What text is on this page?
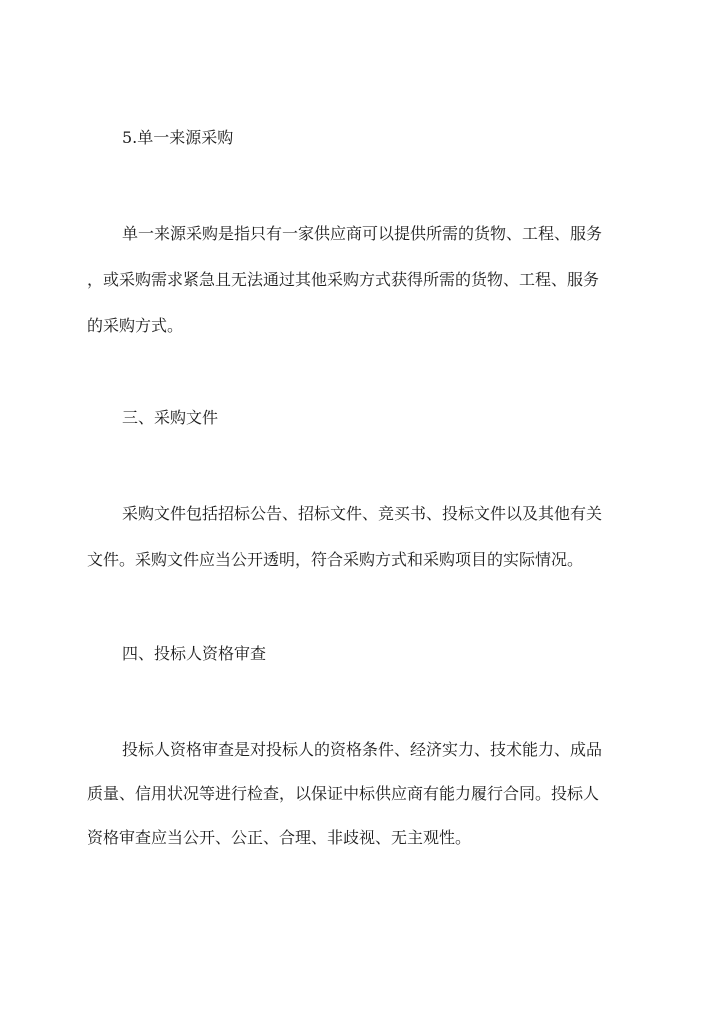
5.单一来源采购
单一来源采购是指只有一家供应商可以提供所需的货物、工程、服务
，或采购需求紧急且无法通过其他采购方式获得所需的货物、工程、服务
的采购方式。
三、采购文件
采购文件包括招标公告、招标文件、竞买书、投标文件以及其他有关
文件。采购文件应当公开透明，符合采购方式和采购项目的实际情况。
四、投标人资格审查
投标人资格审查是对投标人的资格条件、经济实力、技术能力、成品
质量、信用状况等进行检查，以保证中标供应商有能力履行合同。投标人
资格审查应当公开、公正、合理、非歧视、无主观性。
